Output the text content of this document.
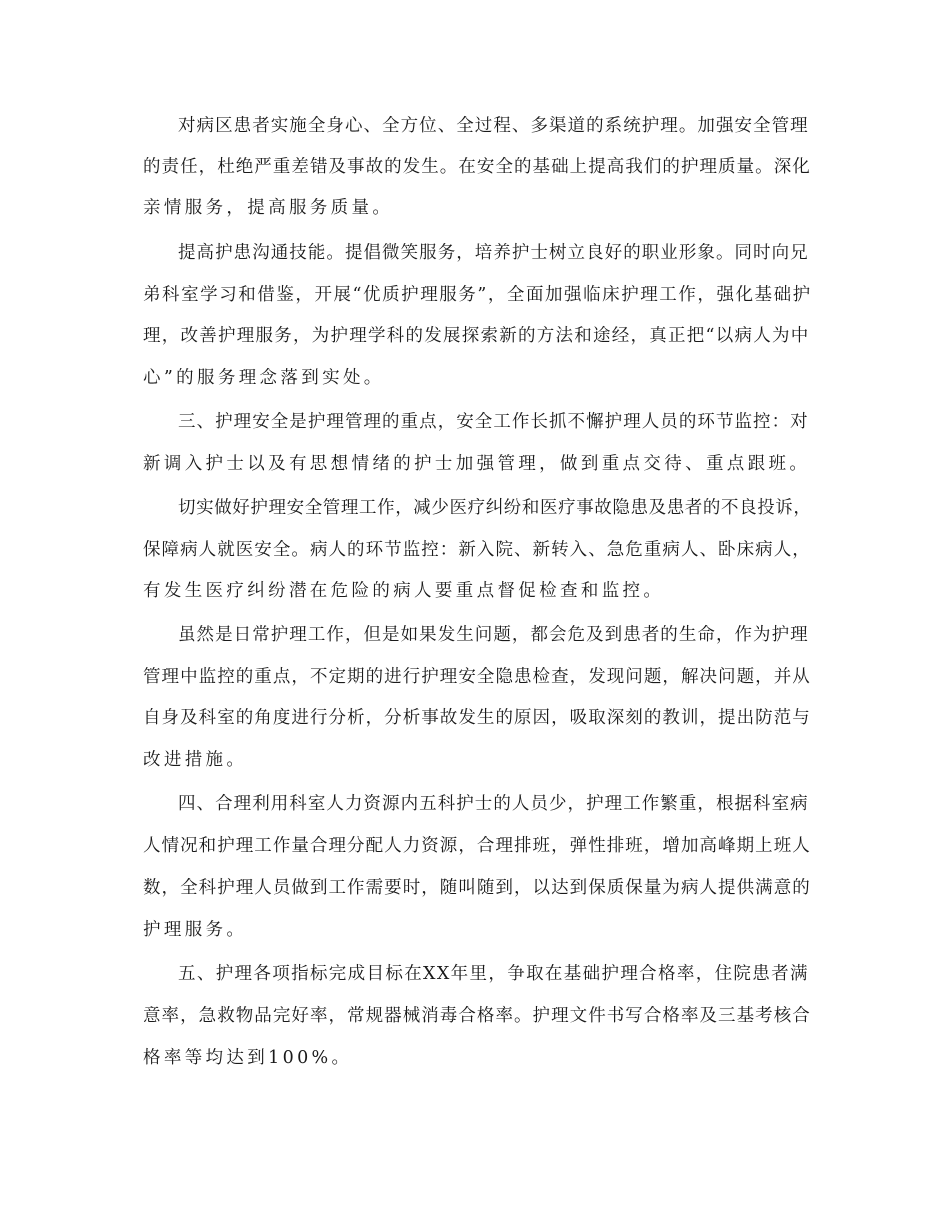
对病区患者实施全身心、全方位、全过程、多渠道的系统护理。加强安全管理
的责任，杜绝严重差错及事故的发生。在安全的基础上提高我们的护理质量。深化
亲情服务，提高服务质量。
提高护患沟通技能。提倡微笑服务，培养护士树立良好的职业形象。同时向兄
弟科室学习和借鉴，开展“优质护理服务”，全面加强临床护理工作，强化基础护
理，改善护理服务，为护理学科的发展探索新的方法和途经，真正把“以病人为中
心”的服务理念落到实处。
三、护理安全是护理管理的重点，安全工作长抓不懈护理人员的环节监控：对
新调入护士以及有思想情绪的护士加强管理，做到重点交待、重点跟班。
切实做好护理安全管理工作，减少医疗纠纷和医疗事故隐患及患者的不良投诉，
保障病人就医安全。病人的环节监控：新入院、新转入、急危重病人、卧床病人，
有发生医疗纠纷潜在危险的病人要重点督促检查和监控。
虽然是日常护理工作，但是如果发生问题，都会危及到患者的生命，作为护理
管理中监控的重点，不定期的进行护理安全隐患检查，发现问题，解决问题，并从
自身及科室的角度进行分析，分析事故发生的原因，吸取深刻的教训，提出防范与
改进措施。
四、合理利用科室人力资源内五科护士的人员少，护理工作繁重，根据科室病
人情况和护理工作量合理分配人力资源，合理排班，弹性排班，增加高峰期上班人
数，全科护理人员做到工作需要时，随叫随到，以达到保质保量为病人提供满意的
护理服务。
五、护理各项指标完成目标在XX年里，争取在基础护理合格率，住院患者满
意率，急救物品完好率，常规器械消毒合格率。护理文件书写合格率及三基考核合
格率等均达到100%。
